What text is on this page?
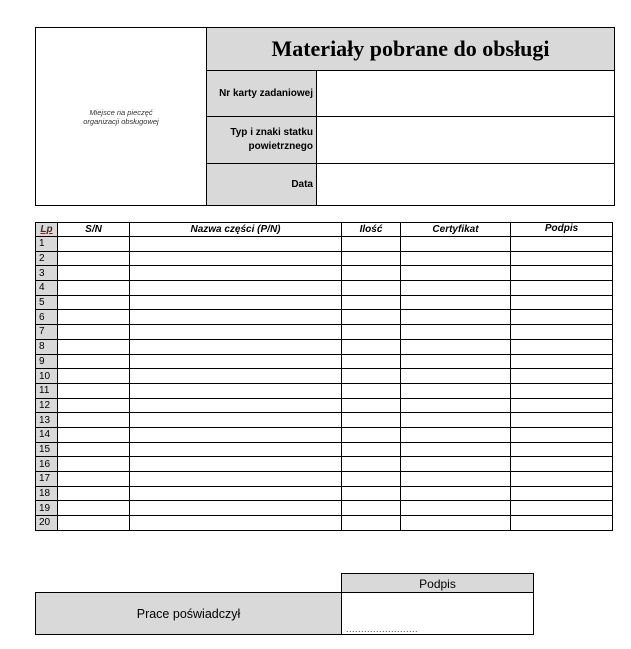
Miejsce na pieczęć
organizacji obsługowej
Materiały pobrane do obsługi
Nr karty zadaniowej
Typ i znaki statku powietrznego
Data
Lp	S/N	Nazwa części (P/N)	Ilość	Certyfikat	Podpis
1					
2					
3					
4					
5					
6					
7					
8					
9					
10					
11					
12					
13					
14					
15					
16					
17					
18					
19					
20					
Podpis
Prace poświadczył
........................
